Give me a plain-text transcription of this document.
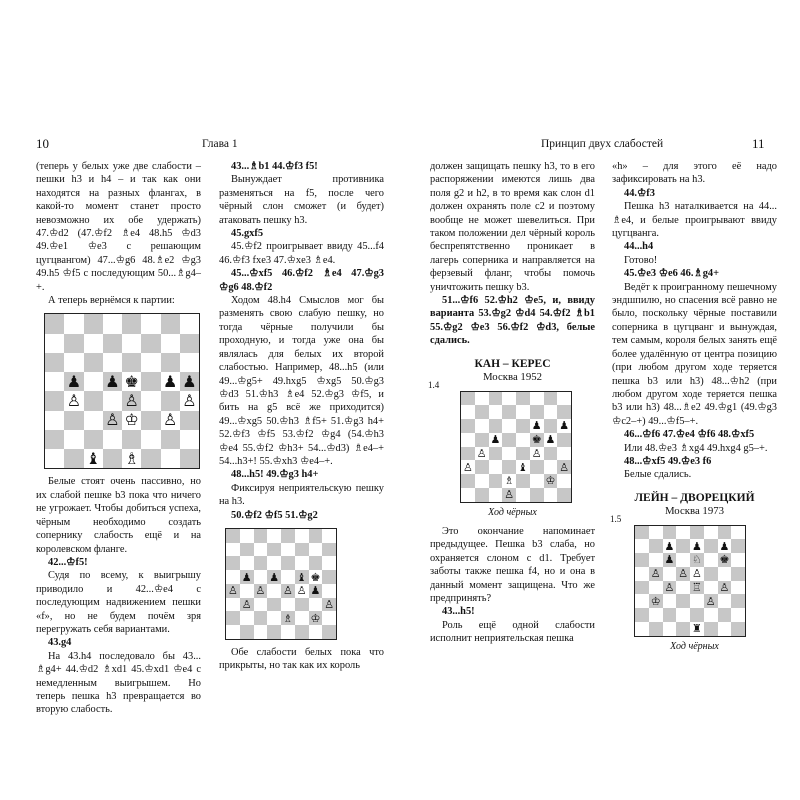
10	Глава 1	Принцип двух слабостей	11

(теперь у белых уже две слабости – пешки h3 и h4 – и так как они находятся на разных флангах, в какой-то момент станет просто невозможно их обе удержать) 47.♔d2 (47.♔f2 ♗e4 48.h5 ♔d3 49.♔e1 ♔e3 с решающим цугцвангом) 47...♔g6 48.♗e2 ♔g3 49.h5 ♔f5 с последующим 50...♗g4–+.

А теперь вернёмся к партии:

♟ ♟ ♚ ♟ ♟
♙	♙	♙
♙ ♔ ♙
♝ ♗

Белые стоят очень пассивно, но их слабой пешке b3 пока что ничего не угрожает. Чтобы добиться успеха, чёрным необходимо создать сопернику слабость ещё и на королевском фланге.

42...♔f5!

Судя по всему, к выигрышу приводило и 42...♔e4 с последующим надвижением пешки «f», но не будем почём зря перегружать себя вариантами.

43.g4

На 43.h4 последовало бы 43... ♗g4+ 44.♔d2 ♗xd1 45.♔xd1 ♔e4 с немедленным выигрышем. Но теперь пешка h3 превращается во вторую слабость.

43...♗b1 44.♔f3 f5!

Вынуждает противника разменяться на f5, после чего чёрный слон сможет (и будет) атаковать пешку h3.

45.gxf5

45.♔f2 проигрывает ввиду 45...f4 46.♔f3 fxe3 47.♔xe3 ♗e4.

45...♔xf5 46.♔f2 ♗e4 47.♔g3 ♔g6 48.♔f2

Ходом 48.h4 Смыслов мог бы разменять свою слабую пешку, но тогда чёрные получили бы проходную, и тогда уже она бы являлась для белых их второй слабостью. Например, 48...h5 (или 49...♔g5+ 49.hxg5 ♔xg5 50.♔g3 ♔d3 51.♔h3 ♗e4 52.♔g3 ♔f5, и бить на g5 всё же приходится) 49...♔xg5 50.♔h3 ♗f5+ 51.♔g3 h4+ 52.♔f3 ♔f5 53.♔f2 ♔g4 (54.♔h3 ♔e4 55.♔f2 ♔h3+ 54...♔d3) ♗e4–+ 54...h3+! 55.♔xh3 ♔e4–+.

48...h5! 49.♔g3 h4+

Фиксируя неприятельскую пешку на h3.

50.♔f2 ♔f5 51.♔g2

♟ ♟ ♝ ♚
♙ ♙ ♙ ♙ ♟
♙	♙
♗ ♔

Обе слабости белых пока что прикрыты, но так как их король

должен защищать пешку h3, то в его распоряжении имеются лишь два поля g2 и h2, в то время как слон d1 должен охранять поле c2 и поэтому вообще не может шевелиться. При таком положении дел чёрный король беспрепятственно проникает в лагерь соперника и направляется на ферзевый фланг, чтобы помочь уничтожить пешку b3.

51...♔f6 52.♔h2 ♔e5, и, ввиду варианта 53.♔g2 ♔d4 54.♔f2 ♗b1 55.♔g2 ♔e3 56.♔f2 ♔d3, белые сдались.

КАН – КЕРЕС
Москва 1952
1.4
♟ ♟
♟	♚ ♟
♙	♙
♙	♝	♙
♗	♔
♙
Ход чёрных

Это окончание напоминает предыдущее. Пешка b3 слаба, но охраняется слоном с d1. Требует заботы также пешка f4, но и она в данный момент защищена. Что же предпринять?

43...h5!

Роль ещё одной слабости исполнит неприятельская пешка

«h» – для этого её надо зафиксировать на h3.

44.♔f3

Пешка h3 наталкивается на 44... ♗e4, и белые проигрывают ввиду цугцванга.

44...h4

Готово!

45.♔e3 ♔e6 46.♗g4+

Ведёт к проигранному пешечному эндшпилю, но спасения всё равно не было, поскольку чёрные поставили соперника в цугцванг и вынуждая, тем самым, короля белых занять ещё более удалённую от центра позицию (при любом другом ходе теряется пешка b3 или h3) 48...♔h2 (при любом другом ходе теряется пешка b3 или h3) 48...♗e2 49.♔g1 (49.♔g3 ♔c2–+) 49...♔f5–+.

46...♔f6 47.♔e4 ♔f6 48.♔xf5

Или 48.♔e3 ♗xg4 49.hxg4 g5–+.

48...♔xf5 49.♔e3 f6

Белые сдались.

ЛЕЙН – ДВОРЕЦКИЙ
Москва 1973
1.5
♟ ♟ ♟
♟ ♘ ♚
♙ ♙ ♙
♙ ♖ ♙
♔	♙
♜
Ход чёрных
